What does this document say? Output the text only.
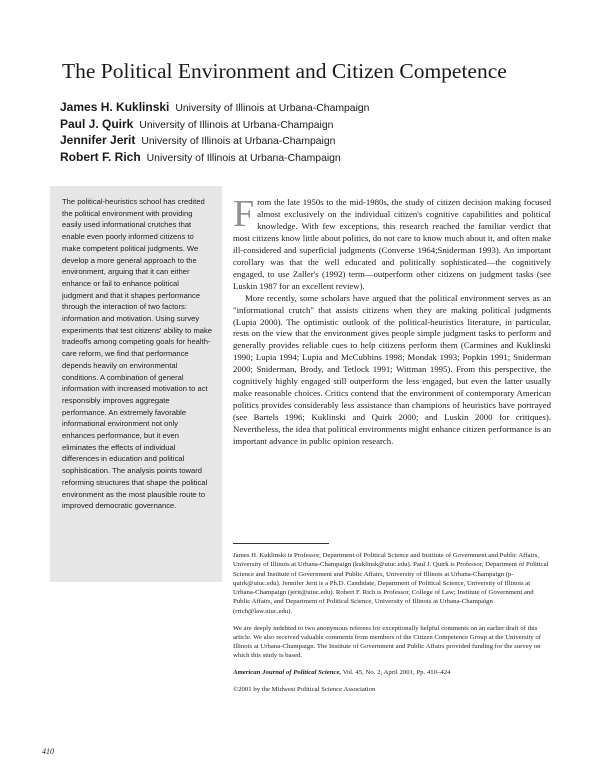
The Political Environment and Citizen Competence
James H. Kuklinski University of Illinois at Urbana-Champaign
Paul J. Quirk University of Illinois at Urbana-Champaign
Jennifer Jerit University of Illinois at Urbana-Champaign
Robert F. Rich University of Illinois at Urbana-Champaign

The political-heuristics school has credited the political environment with providing easily used informational crutches that enable even poorly informed citizens to make competent political judgments. We develop a more general approach to the environment, arguing that it can either enhance or fail to enhance political judgment and that it shapes performance through the interaction of two factors: information and motivation. Using survey experiments that test citizens' ability to make tradeoffs among competing goals for health-care reform, we find that performance depends heavily on environmental conditions. A combination of general information with increased motivation to act responsibly improves aggregate performance. An extremely favorable informational environment not only enhances performance, but it even eliminates the effects of individual differences in education and political sophistication. The analysis points toward reforming structures that shape the political environment as the most plausible route to improved democratic governance.

From the late 1950s to the mid-1980s, the study of citizen decision making focused almost exclusively on the individual citizen's cognitive capabilities and political knowledge. With few exceptions, this research reached the familiar verdict that most citizens know little about politics, do not care to know much about it, and often make ill-considered and superficial judgments (Converse 1964;Sniderman 1993). An important corollary was that the well educated and politically sophisticated—the cognitively engaged, to use Zaller's (1992) term—outperform other citizens on judgment tasks (see Luskin 1987 for an excellent review).

More recently, some scholars have argued that the political environment serves as an "informational crutch" that assists citizens when they are making political judgments (Lupia 2000). The optimistic outlook of the political-heuristics literature, in particular, rests on the view that the environment gives people simple judgment tasks to perform and generally provides reliable cues to help citizens perform them (Carmines and Kuklinski 1990; Lupia 1994; Lupia and McCubbins 1998; Mondak 1993; Popkin 1991; Sniderman 2000; Sniderman, Brody, and Tetlock 1991; Wittman 1995). From this perspective, the cognitively highly engaged still outperform the less engaged, but even the latter usually make reasonable choices. Critics contend that the environment of contemporary American politics provides considerably less assistance than champions of heuristics have portrayed (see Bartels 1996; Kuklinski and Quirk 2000; and Luskin 2000 for critiques). Nevertheless, the idea that political environments might enhance citizen performance is an important advance in public opinion research.

James H. Kuklinski is Professor, Department of Political Science and Institute of Government and Public Affairs, University of Illinois at Urbana-Champaign (kuklinsk@uiuc.edu). Paul J. Quirk is Professor, Department of Political Science and Institute of Government and Public Affairs, University of Illinois at Urbana-Champaign (p-quirk@uiuc.edu). Jennifer Jerit is a Ph.D. Candidate, Department of Political Science, University of Illinois at Urbana-Champaign (jerit@uiuc.edu). Robert F. Rich is Professor, College of Law; Institute of Government and Public Affairs, and Department of Political Science, University of Illinois at Urbana-Champaign (rrich@law.uiuc.edu).

We are deeply indebted to two anonymous referees for exceptionally helpful comments on an earlier draft of this article. We also received valuable comments from members of the Citizen Competence Group at the University of Illinois at Urbana-Champaign. The Institute of Government and Public Affairs provided funding for the survey on which this study is based.

American Journal of Political Science, Vol. 45, No. 2, April 2001, Pp. 410–424

©2001 by the Midwest Political Science Association

410
